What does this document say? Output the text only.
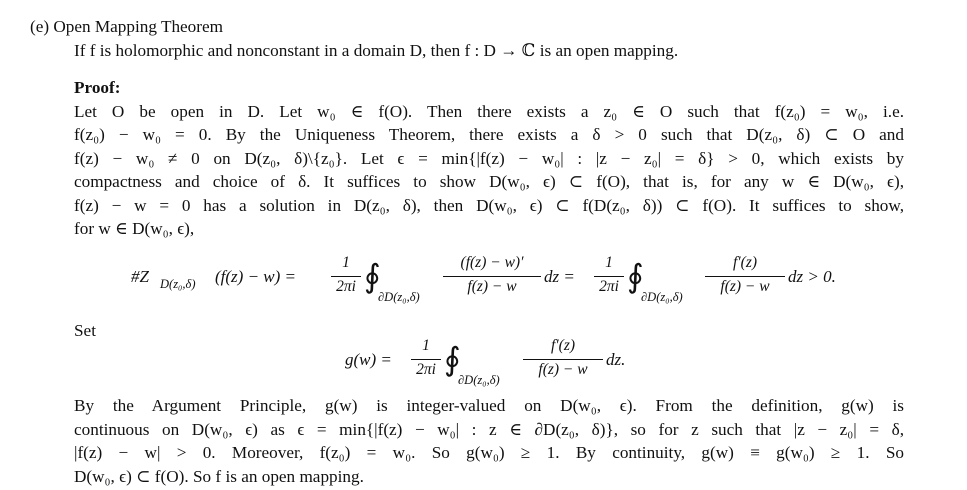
(e) Open Mapping Theorem
If f is holomorphic and nonconstant in a domain D, then f : D → ℂ is an open mapping.
Proof:
Let O be open in D. Let w₀ ∈ f(O). Then there exists a z₀ ∈ O such that f(z₀) = w₀, i.e.
f(z₀) − w₀ = 0. By the Uniqueness Theorem, there exists a δ > 0 such that D(z₀, δ) ⊂ O and
f(z) − w₀ ≠ 0 on D(z₀, δ)\{z₀}. Let ϵ = min{|f(z) − w₀| : |z − z₀| = δ} > 0, which exists by
compactness and choice of δ. It suffices to show D(w₀, ϵ) ⊂ f(O), that is, for any w ∈ D(w₀, ϵ),
f(z) − w = 0 has a solution in D(z₀, δ), then D(w₀, ϵ) ⊂ f(D(z₀, δ)) ⊂ f(O). It suffices to show,
for w ∈ D(w₀, ϵ),
#Z D(z₀,δ) (f(z) − w) =
1
2πi ∮
∂D(z₀,δ)
(f(z) − w)′
f(z) − w
dz =
1
2πi ∮
∂D(z₀,δ)
f′(z)
f(z) − w
dz > 0.
Set
g(w) =
1
2πi ∮
∂D(z₀,δ)
f′(z)
f(z) − w
dz.
By the Argument Principle, g(w) is integer-valued on D(w₀, ϵ). From the definition, g(w) is
continuous on D(w₀, ϵ) as ϵ = min{|f(z) − w₀| : z ∈ ∂D(z₀, δ)}, so for z such that |z − z₀| = δ,
|f(z) − w| > 0. Moreover, f(z₀) = w₀. So g(w₀) ≥ 1. By continuity, g(w) ≡ g(w₀) ≥ 1. So
D(w₀, ϵ) ⊂ f(O). So f is an open mapping.
